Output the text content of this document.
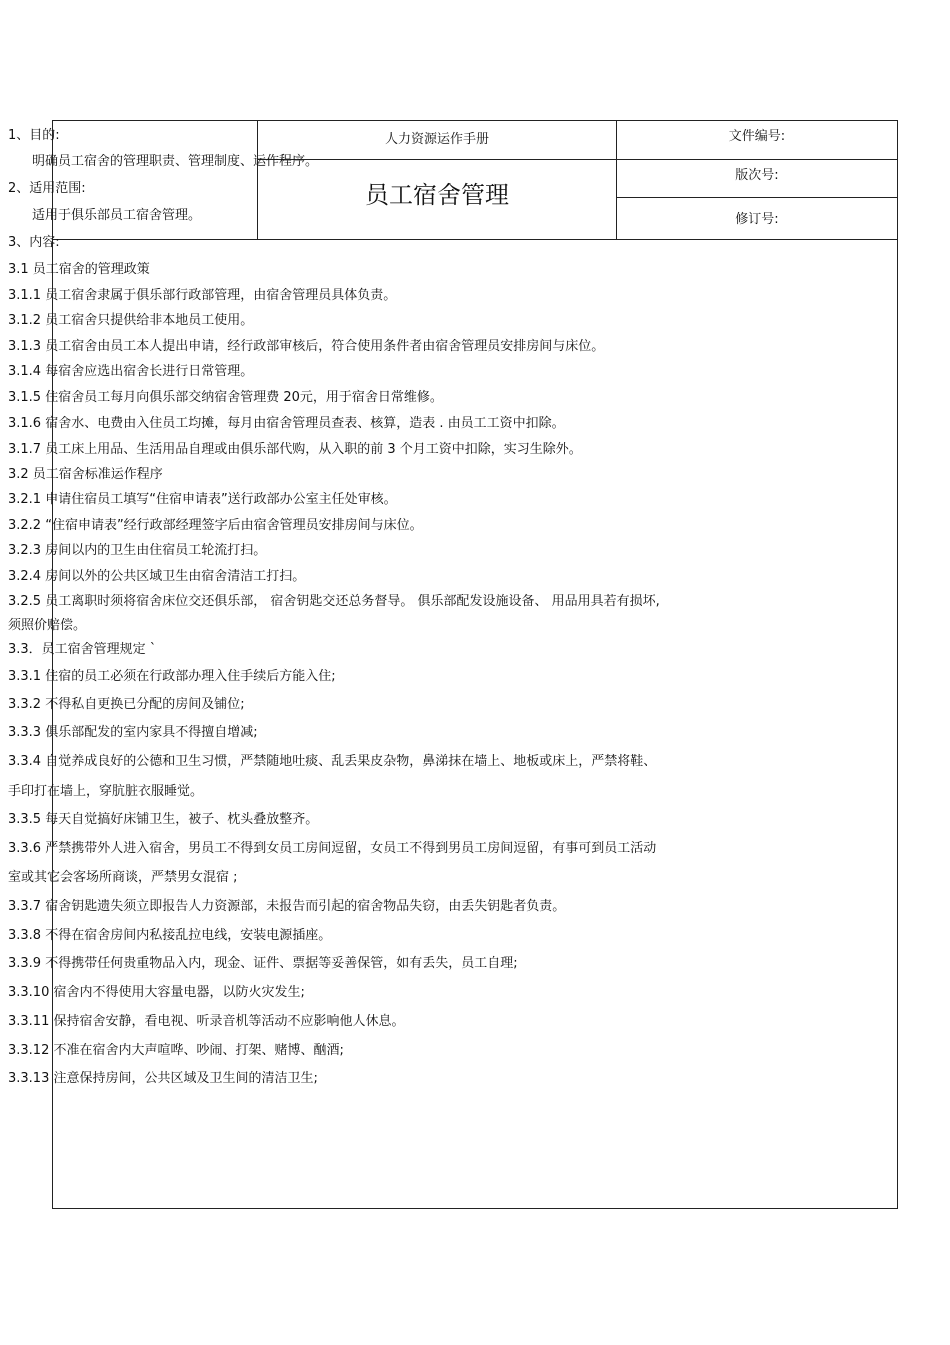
人力资源运作手册
员工宿舍管理
文件编号:
版次号:
修订号:
1、目的:
明确员工宿舍的管理职责、管理制度、运作程序。
2、适用范围:
适用于俱乐部员工宿舍管理。
3、内容:
3.1 员工宿舍的管理政策
3.1.1 员工宿舍隶属于俱乐部行政部管理，由宿舍管理员具体负责。
3.1.2 员工宿舍只提供给非本地员工使用。
3.1.3 员工宿舍由员工本人提出申请，经行政部审核后，符合使用条件者由宿舍管理员安排房间与床位。
3.1.4 每宿舍应选出宿舍长进行日常管理。
3.1.5 住宿舍员工每月向俱乐部交纳宿舍管理费 20元，用于宿舍日常维修。
3.1.6 宿舍水、电费由入住员工均摊，每月由宿舍管理员查表、核算，造表 . 由员工工资中扣除。
3.1.7 员工床上用品、生活用品自理或由俱乐部代购，从入职的前 3 个月工资中扣除，实习生除外。
3.2 员工宿舍标准运作程序
3.2.1 申请住宿员工填写“住宿申请表”送行政部办公室主任处审核。
3.2.2 “住宿申请表”经行政部经理签字后由宿舍管理员安排房间与床位。
3.2.3 房间以内的卫生由住宿员工轮流打扫。
3.2.4 房间以外的公共区域卫生由宿舍清洁工打扫。
3.2.5 员工离职时须将宿舍床位交还俱乐部， 宿舍钥匙交还总务督导。 俱乐部配发设施设备、 用品用具若有损坏,
须照价赔偿。
3.3．员工宿舍管理规定 `
3.3.1 住宿的员工必须在行政部办理入住手续后方能入住;
3.3.2 不得私自更换已分配的房间及铺位;
3.3.3 俱乐部配发的室内家具不得擅自增减;
3.3.4 自觉养成良好的公德和卫生习惯，严禁随地吐痰、乱丢果皮杂物，鼻涕抹在墙上、地板或床上，严禁将鞋、
手印打在墙上，穿肮脏衣服睡觉。
3.3.5 每天自觉搞好床铺卫生，被子、枕头叠放整齐。
3.3.6 严禁携带外人进入宿舍，男员工不得到女员工房间逗留，女员工不得到男员工房间逗留，有事可到员工活动
室或其它会客场所商谈，严禁男女混宿 ;
3.3.7 宿舍钥匙遗失须立即报告人力资源部，未报告而引起的宿舍物品失窃，由丢失钥匙者负责。
3.3.8 不得在宿舍房间内私接乱拉电线，安装电源插座。
3.3.9 不得携带任何贵重物品入内，现金、证件、票据等妥善保管，如有丢失，员工自理;
3.3.10 宿舍内不得使用大容量电器，以防火灾发生;
3.3.11 保持宿舍安静，看电视、听录音机等活动不应影响他人休息。
3.3.12 不准在宿舍内大声喧哗、吵闹、打架、赌博、酗酒;
3.3.13 注意保持房间，公共区域及卫生间的清洁卫生;
